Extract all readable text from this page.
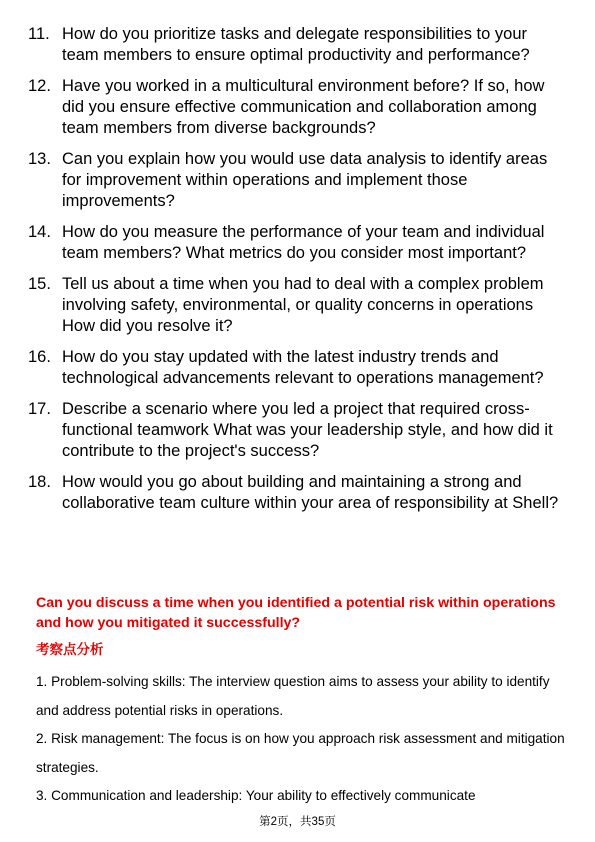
11. How do you prioritize tasks and delegate responsibilities to your team members to ensure optimal productivity and performance?
12. Have you worked in a multicultural environment before? If so, how did you ensure effective communication and collaboration among team members from diverse backgrounds?
13. Can you explain how you would use data analysis to identify areas for improvement within operations and implement those improvements?
14. How do you measure the performance of your team and individual team members? What metrics do you consider most important?
15. Tell us about a time when you had to deal with a complex problem involving safety, environmental, or quality concerns in operations How did you resolve it?
16. How do you stay updated with the latest industry trends and technological advancements relevant to operations management?
17. Describe a scenario where you led a project that required cross-functional teamwork What was your leadership style, and how did it contribute to the project's success?
18. How would you go about building and maintaining a strong and collaborative team culture within your area of responsibility at Shell?

Can you discuss a time when you identified a potential risk within operations and how you mitigated it successfully?

考察点分析

1. Problem-solving skills: The interview question aims to assess your ability to identify and address potential risks in operations.

2. Risk management: The focus is on how you approach risk assessment and mitigation strategies.

3. Communication and leadership: Your ability to effectively communicate

第2页，共35页
